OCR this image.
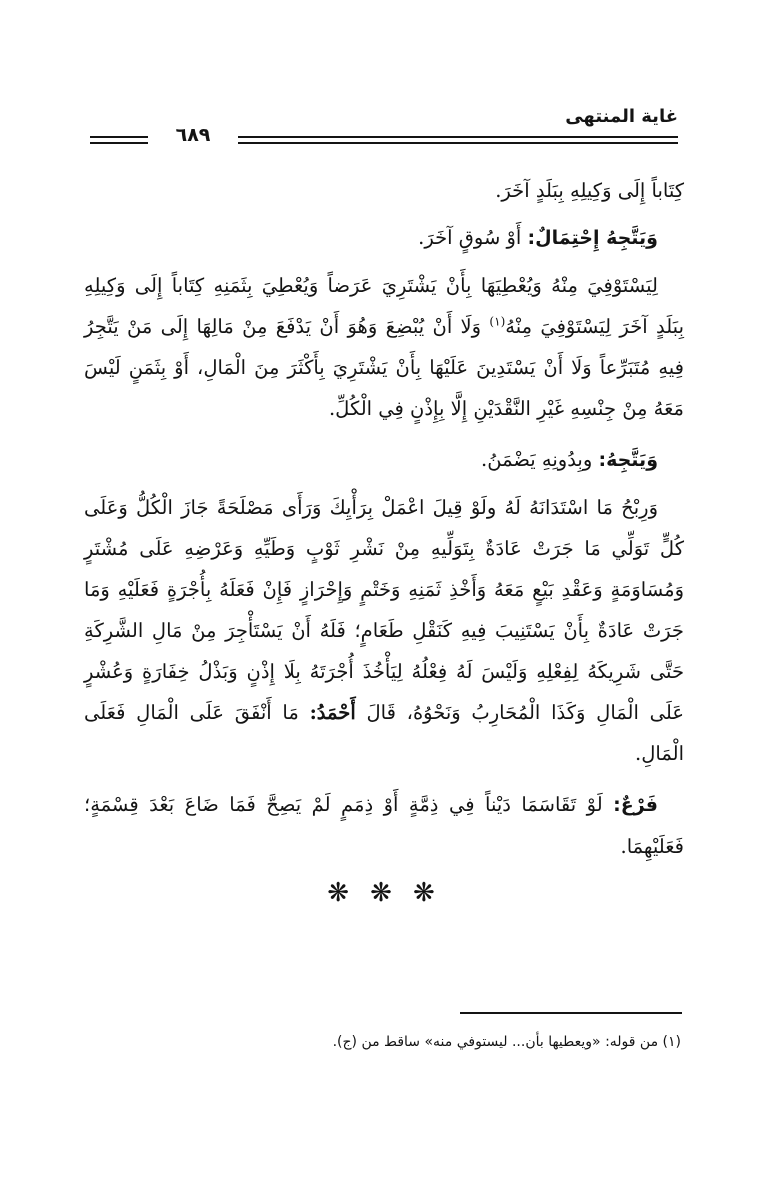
غاية المنتهى
٦٨٩

كِتَاباً إِلَى وَكِيلِهِ بِبَلَدٍ آخَرَ.

وَيَتَّجِهُ إِحْتِمَالٌ: أَوْ سُوقٍ آخَرَ.

لِيَسْتَوْفِيَ مِنْهُ وَيُعْطِيَهَا بِأَنْ يَشْتَرِيَ عَرَضاً وَيُعْطِيَ بِثَمَنِهِ كِتَاباً إِلَى وَكِيلِهِ بِبَلَدٍ آخَرَ لِيَسْتَوْفِيَ مِنْهُ$^{(١)}$ وَلَا أَنْ يُبْضِعَ وَهُوَ أَنْ يَدْفَعَ مِنْ مَالِهَا إِلَى مَنْ يَتَّجِرُ فِيهِ مُتَبَرِّعاً وَلَا أَنْ يَسْتَدِينَ عَلَيْهَا بِأَنْ يَشْتَرِيَ بِأَكْثَرَ مِنَ الْمَالِ، أَوْ بِثَمَنٍ لَيْسَ مَعَهُ مِنْ جِنْسِهِ غَيْرِ النَّقْدَيْنِ إِلَّا بِإِذْنٍ فِي الْكُلِّ.

وَيَتَّجِهُ: وبِدُونِهِ يَضْمَنُ.

وَرِبْحُ مَا اسْتَدَانَهُ لَهُ ولَوْ قِيلَ اعْمَلْ بِرَأْيِكَ وَرَأَى مَصْلَحَةً جَازَ الْكُلُّ وَعَلَى كُلٍّ تَوَلِّي مَا جَرَتْ عَادَةٌ بِتَوَلِّيهِ مِنْ نَشْرِ ثَوْبٍ وَطَيِّهِ وَعَرْضِهِ عَلَى مُشْتَرٍ وَمُسَاوَمَةٍ وَعَقْدِ بَيْعٍ مَعَهُ وَأَخْذِ ثَمَنِهِ وَخَتْمٍ وَإِحْرَازٍ فَإِنْ فَعَلَهُ بِأُجْرَةٍ فَعَلَيْهِ وَمَا جَرَتْ عَادَةٌ بِأَنْ يَسْتَنِيبَ فِيهِ كَنَقْلِ طَعَامٍ؛ فَلَهُ أَنْ يَسْتَأْجِرَ مِنْ مَالِ الشَّرِكَةِ حَتَّى شَرِيكَهُ لِفِعْلِهِ وَلَيْسَ لَهُ فِعْلُهُ لِيَأْخُذَ أُجْرَتَهُ بِلَا إِذْنٍ وَبَذْلُ خِفَارَةٍ وَعُشْرٍ عَلَى الْمَالِ وَكَذَا الْمُحَارِبُ وَنَحْوُهُ، قَالَ أَحْمَدُ: مَا أَنْفَقَ عَلَى الْمَالِ فَعَلَى الْمَالِ.

فَرْعٌ: لَوْ تَقَاسَمَا دَيْناً فِي ذِمَّةٍ أَوْ ذِمَمٍ لَمْ يَصِحَّ فَمَا ضَاعَ بَعْدَ قِسْمَةٍ؛ فَعَلَيْهِمَا.

❋ ❋ ❋

(١) من قوله: «ويعطيها بأن... ليستوفي منه» ساقط من (ج).
